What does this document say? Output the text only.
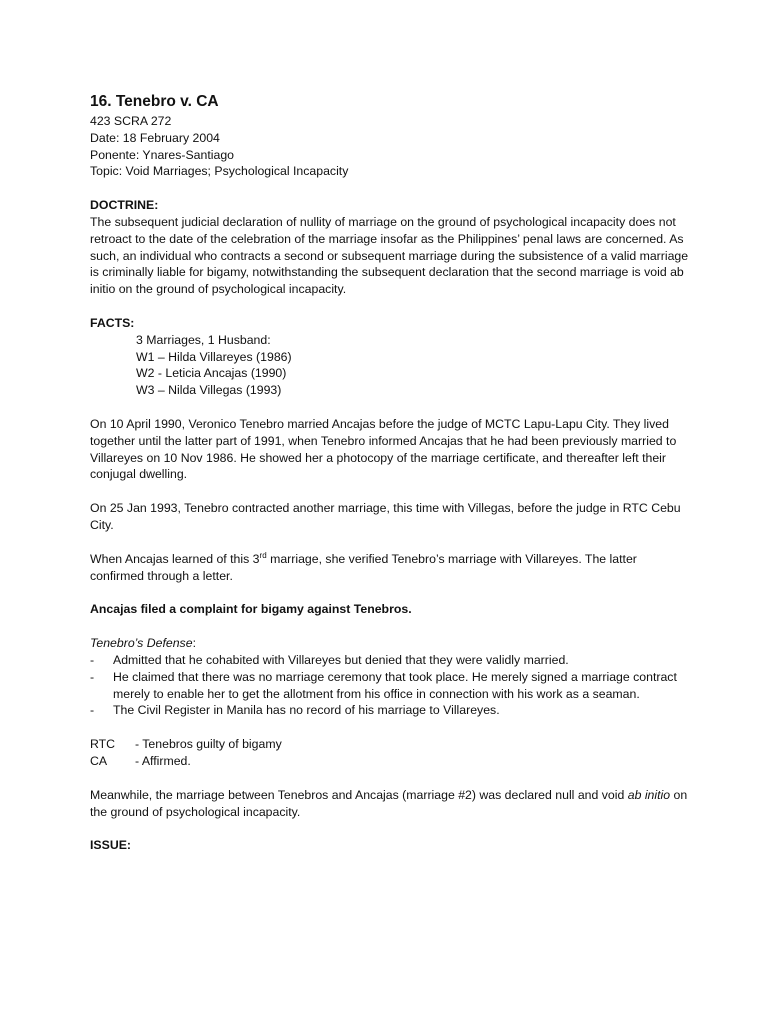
16. Tenebro v. CA

423 SCRA 272

Date: 18 February 2004

Ponente: Ynares-Santiago

Topic: Void Marriages; Psychological Incapacity

DOCTRINE:

The subsequent judicial declaration of nullity of marriage on the ground of psychological incapacity does not retroact to the date of the celebration of the marriage insofar as the Philippines’ penal laws are concerned. As such, an individual who contracts a second or subsequent marriage during the subsistence of a valid marriage is criminally liable for bigamy, notwithstanding the subsequent declaration that the second marriage is void ab initio on the ground of psychological incapacity.

FACTS:

3 Marriages, 1 Husband:

W1 – Hilda Villareyes (1986)

W2 - Leticia Ancajas (1990)

W3 – Nilda Villegas (1993)

On 10 April 1990, Veronico Tenebro married Ancajas before the judge of MCTC Lapu-Lapu City. They lived together until the latter part of 1991, when Tenebro informed Ancajas that he had been previously married to Villareyes on 10 Nov 1986. He showed her a photocopy of the marriage certificate, and thereafter left their conjugal dwelling.

On 25 Jan 1993, Tenebro contracted another marriage, this time with Villegas, before the judge in RTC Cebu City.

When Ancajas learned of this 3rd marriage, she verified Tenebro’s marriage with Villareyes. The latter confirmed through a letter.

Ancajas filed a complaint for bigamy against Tenebros.

Tenebro’s Defense:

- Admitted that he cohabited with Villareyes but denied that they were validly married.
- He claimed that there was no marriage ceremony that took place. He merely signed a marriage contract merely to enable her to get the allotment from his office in connection with his work as a seaman.
- The Civil Register in Manila has no record of his marriage to Villareyes.
RTC	- Tenebros guilty of bigamy
CA	- Affirmed.

Meanwhile, the marriage between Tenebros and Ancajas (marriage #2) was declared null and void ab initio on the ground of psychological incapacity.

ISSUE:
